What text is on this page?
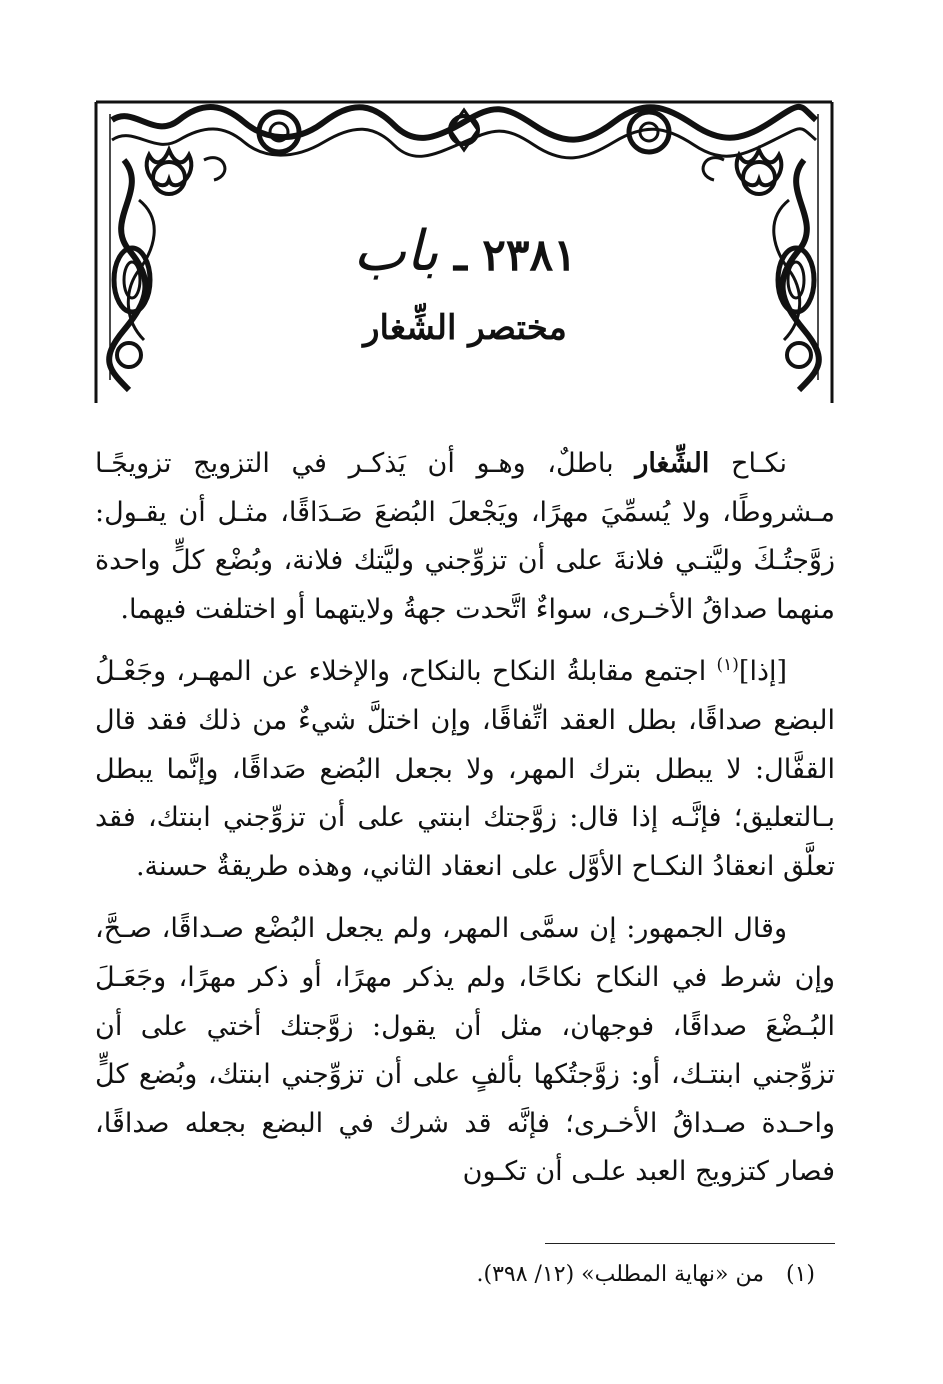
٢٣٨١ ـ باب
مختصر الشِّغار

نكـاح الشِّغار باطلٌ، وهـو أن يَذكـر في التزويج تزويجًـا مـشروطًا، ولا يُسمِّيَ مهرًا، ويَجْعلَ البُضعَ صَـدَاقًا، مثـل أن يقـول: زوَّجتُـكَ وليَّتـي فلانةَ على أن تزوِّجني وليَّتك فلانة، وبُضْع كلٍّ واحدة منهما صداقُ الأخـرى، سواءٌ اتَّحدت جهةُ ولايتهما أو اختلفت فيهما.

[إذا]$^{(١)}$ اجتمع مقابلةُ النكاح بالنكاح، والإخلاء عن المهـر، وجَعْـلُ البضع صداقًا، بطل العقد اتِّفاقًا، وإن اختلَّ شيءٌ من ذلك فقد قال القفَّال: لا يبطل بترك المهر، ولا بجعل البُضع صَداقًا، وإنَّما يبطل بـالتعليق؛ فإنَّـه إذا قال: زوَّجتك ابنتي على أن تزوِّجني ابنتك، فقد تعلَّق انعقادُ النكـاح الأوَّل على انعقاد الثاني، وهذه طريقةٌ حسنة.

وقال الجمهور: إن سمَّى المهر، ولم يجعل البُضْع صـداقًا، صـحَّ، وإن شرط في النكاح نكاحًا، ولم يذكر مهرًا، أو ذكر مهرًا، وجَعَـلَ البُـضْعَ صداقًا، فوجهان، مثل أن يقول: زوَّجتك أختي على أن تزوِّجني ابنتـك، أو: زوَّجتُكها بألفٍ على أن تزوِّجني ابنتك، وبُضع كلٍّ واحـدة صـداقُ الأخـرى؛ فإنَّه قد شرك في البضع بجعله صداقًا، فصار كتزويج العبد علـى أن تكـون

(١)من «نهاية المطلب» (١٢/ ٣٩٨).
